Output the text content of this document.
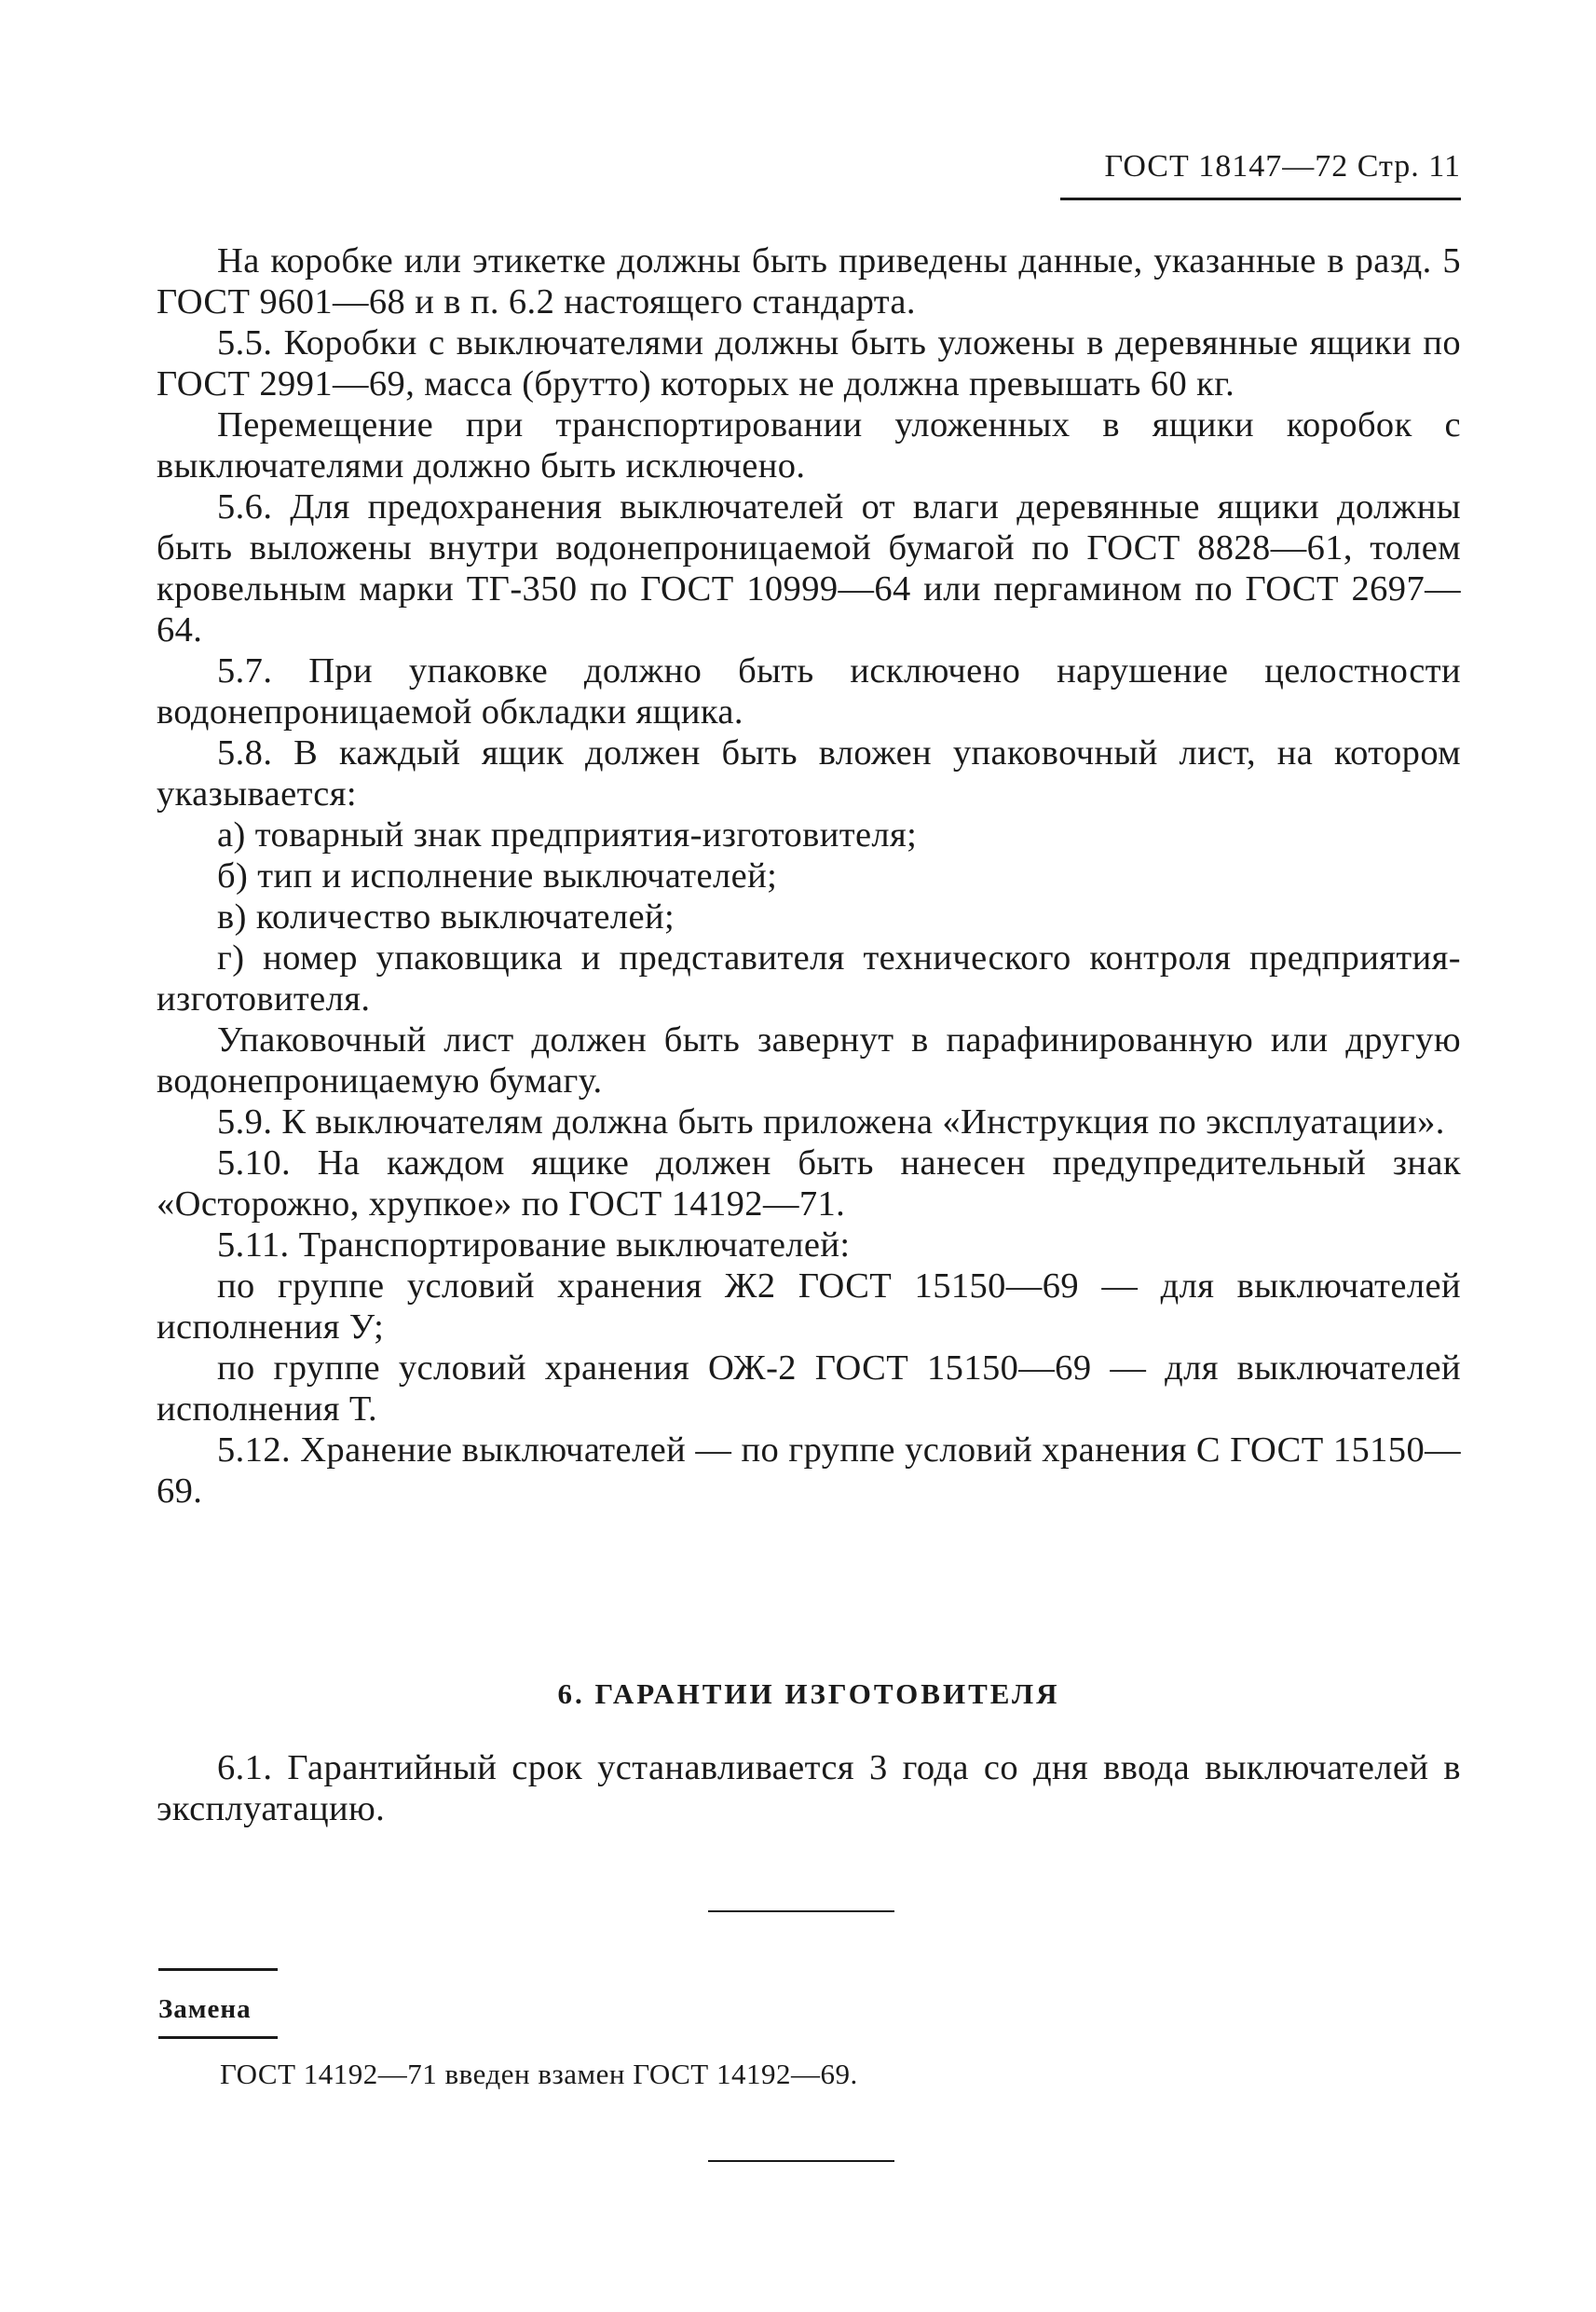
ГОСТ 18147—72 Стр. 11

На коробке или этикетке должны быть приведены данные, указанные в разд. 5 ГОСТ 9601—68 и в п. 6.2 настоящего стандарта.

5.5. Коробки с выключателями должны быть уложены в деревянные ящики по ГОСТ 2991—69, масса (брутто) которых не должна превышать 60 кг.

Перемещение при транспортировании уложенных в ящики коробок с выключателями должно быть исключено.

5.6. Для предохранения выключателей от влаги деревянные ящики должны быть выложены внутри водонепроницаемой бумагой по ГОСТ 8828—61, толем кровельным марки ТГ-350 по ГОСТ 10999—64 или пергамином по ГОСТ 2697—64.

5.7. При упаковке должно быть исключено нарушение целостности водонепроницаемой обкладки ящика.

5.8. В каждый ящик должен быть вложен упаковочный лист, на котором указывается:

а) товарный знак предприятия-изготовителя;

б) тип и исполнение выключателей;

в) количество выключателей;

г) номер упаковщика и представителя технического контроля предприятия-изготовителя.

Упаковочный лист должен быть завернут в парафинированную или другую водонепроницаемую бумагу.

5.9. К выключателям должна быть приложена «Инструкция по эксплуатации».

5.10. На каждом ящике должен быть нанесен предупредительный знак «Осторожно, хрупкое» по ГОСТ 14192—71.

5.11. Транспортирование выключателей:

по группе условий хранения Ж2 ГОСТ 15150—69 — для выключателей исполнения У;

по группе условий хранения ОЖ-2 ГОСТ 15150—69 — для выключателей исполнения Т.

5.12. Хранение выключателей — по группе условий хранения С ГОСТ 15150—69.

6. ГАРАНТИИ ИЗГОТОВИТЕЛЯ

6.1. Гарантийный срок устанавливается 3 года со дня ввода выключателей в эксплуатацию.

Замена
ГОСТ 14192—71 введен взамен ГОСТ 14192—69.
